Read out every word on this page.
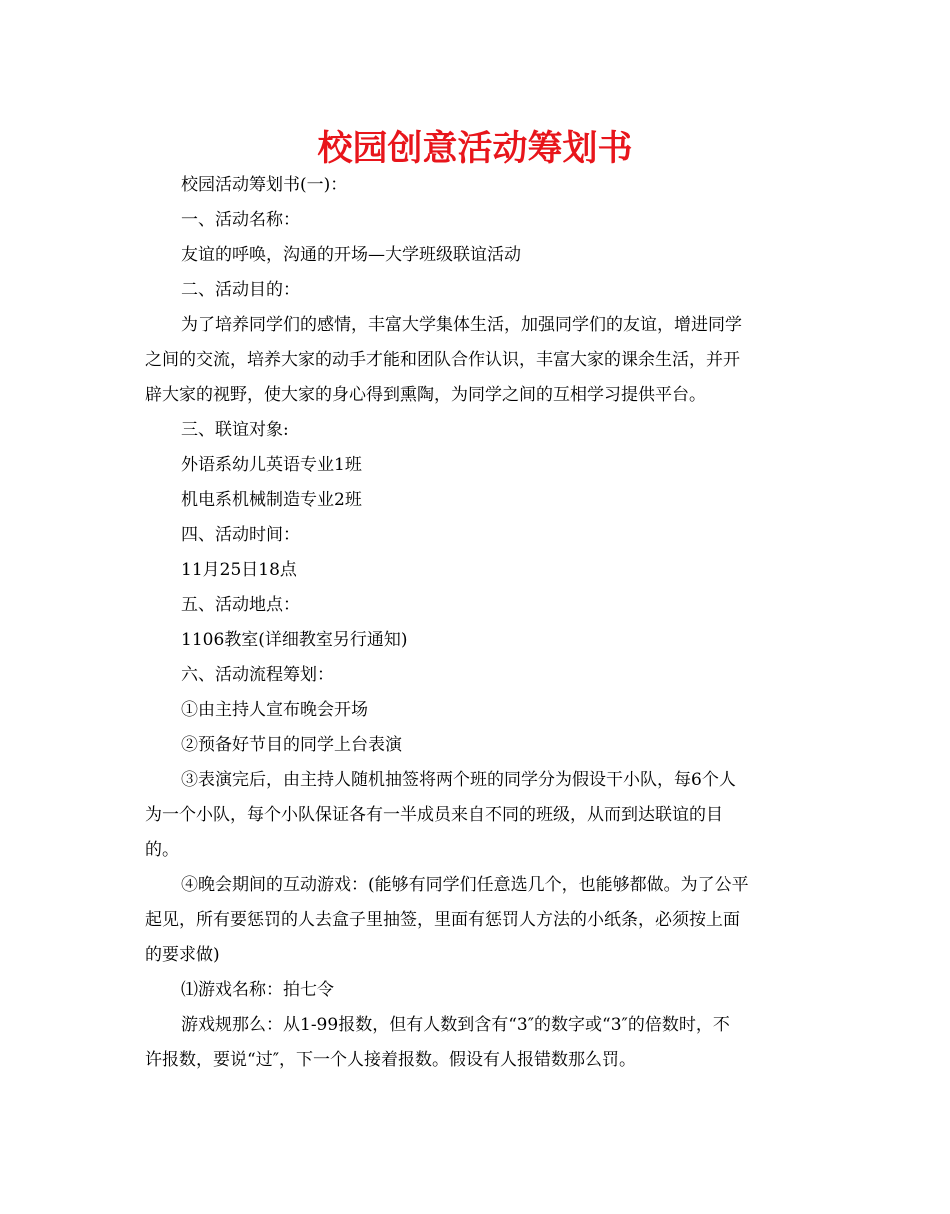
校园创意活动筹划书

校园活动筹划书(一)：

一、活动名称：

友谊的呼唤，沟通的开场—大学班级联谊活动

二、活动目的：

为了培养同学们的感情，丰富大学集体生活，加强同学们的友谊，增进同学

之间的交流，培养大家的动手才能和团队合作认识，丰富大家的课余生活，并开

辟大家的视野，使大家的身心得到熏陶，为同学之间的互相学习提供平台。

三、联谊对象:

外语系幼儿英语专业1班

机电系机械制造专业2班

四、活动时间：

11月25日18点

五、活动地点：

1106教室(详细教室另行通知)

六、活动流程筹划：

①由主持人宣布晚会开场

②预备好节目的同学上台表演

③表演完后，由主持人随机抽签将两个班的同学分为假设干小队，每6个人

为一个小队，每个小队保证各有一半成员来自不同的班级，从而到达联谊的目

的。

④晚会期间的互动游戏：(能够有同学们任意选几个，也能够都做。为了公平

起见，所有要惩罚的人去盒子里抽签，里面有惩罚人方法的小纸条，必须按上面

的要求做)

⑴游戏名称：拍七令

游戏规那么：从1-99报数，但有人数到含有“3″的数字或“3″的倍数时，不

许报数，要说“过″，下一个人接着报数。假设有人报错数那么罚。
